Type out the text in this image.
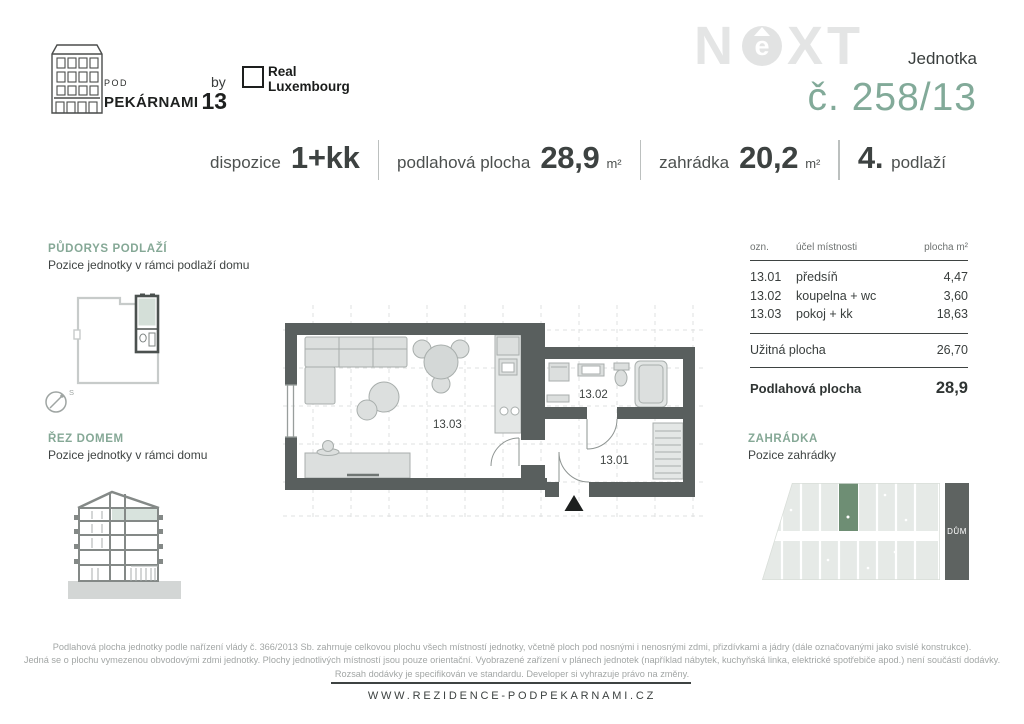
POD
PEKÁRNAMI 13
by
Real
Luxembourg
N e XT	Jednotka
č. 258/13
dispozice 1+kk podlahová plocha 28,9 m² zahrádka 20,2 m² 4. podlaží
PŮDORYS PODLAŽÍ
Pozice jednotky v rámci podlaží domu
S
ŘEZ DOMEM
Pozice jednotky v rámci domu
13.03
13.02
13.01
ozn.	účel místnosti	plocha m²
13.01	předsíň	4,47
13.02	koupelna + wc	3,60
13.03	pokoj + kk	18,63
Užitná plocha	26,70
Podlahová plocha	28,9
ZAHRÁDKA
Pozice zahrádky
DŮM
Podlahová plocha jednotky podle nařízení vlády č. 366/2013 Sb. zahrnuje celkovou plochu všech místností jednotky, včetně ploch pod nosnými i nenosnými zdmi, přizdívkami a jádry (dále označovanými jako svislé konstrukce).
Jedná se o plochu vymezenou obvodovými zdmi jednotky. Plochy jednotlivých místností jsou pouze orientační. Vyobrazené zařízení v plánech jednotek (například nábytek, kuchyňská linka, elektrické spotřebiče apod.) není součástí dodávky.
Rozsah dodávky je specifikován ve standardu. Developer si vyhrazuje právo na změny.
WWW.REZIDENCE-PODPEKARNAMI.CZ
